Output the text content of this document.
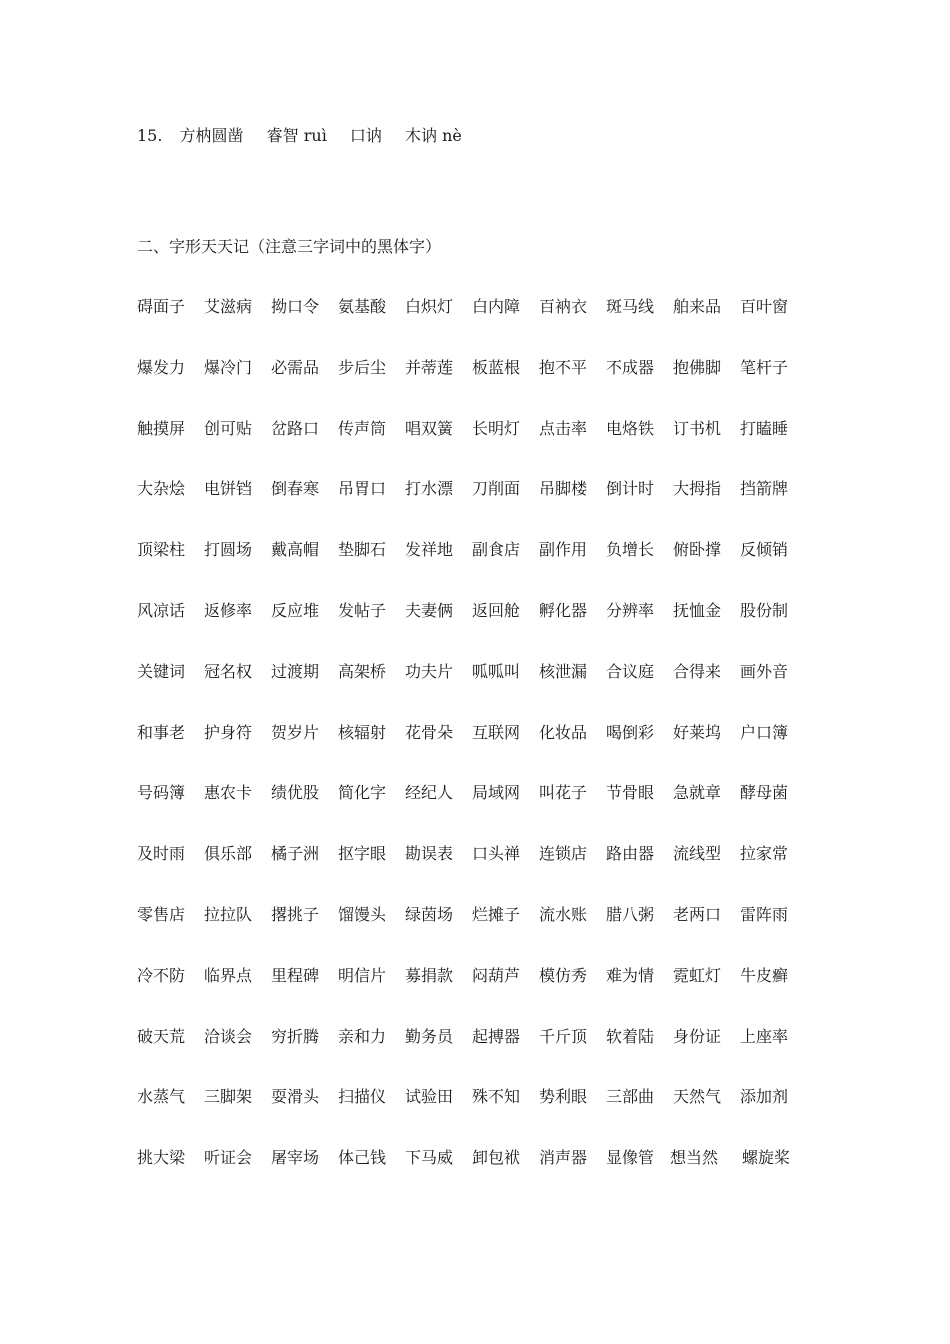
15. 方枘圆凿 睿智 ruì 口讷 木讷 nè
二、字形天天记（注意三字词中的黑体字）
碍面子 艾滋病 拗口令 氨基酸 白炽灯 白内障 百衲衣 斑马线 舶来品 百叶窗
爆发力 爆冷门 必需品 步后尘 并蒂莲 板蓝根 抱不平 不成器 抱佛脚 笔杆子
触摸屏 创可贴 岔路口 传声筒 唱双簧 长明灯 点击率 电烙铁 订书机 打瞌睡
大杂烩 电饼铛 倒春寒 吊胃口 打水漂 刀削面 吊脚楼 倒计时 大拇指 挡箭牌
顶梁柱 打圆场 戴高帽 垫脚石 发祥地 副食店 副作用 负增长 俯卧撑 反倾销
风凉话 返修率 反应堆 发帖子 夫妻俩 返回舱 孵化器 分辨率 抚恤金 股份制
关键词 冠名权 过渡期 高架桥 功夫片 呱呱叫 核泄漏 合议庭 合得来 画外音
和事老 护身符 贺岁片 核辐射 花骨朵 互联网 化妆品 喝倒彩 好莱坞 户口簿
号码簿 惠农卡 绩优股 简化字 经纪人 局域网 叫花子 节骨眼 急就章 酵母菌
及时雨 俱乐部 橘子洲 抠字眼 勘误表 口头禅 连锁店 路由器 流线型 拉家常
零售店 拉拉队 撂挑子 馏馒头 绿茵场 烂摊子 流水账 腊八粥 老两口 雷阵雨
冷不防 临界点 里程碑 明信片 募捐款 闷葫芦 模仿秀 难为情 霓虹灯 牛皮癣
破天荒 洽谈会 穷折腾 亲和力 勤务员 起搏器 千斤顶 软着陆 身份证 上座率
水蒸气 三脚架 耍滑头 扫描仪 试验田 殊不知 势利眼 三部曲 天然气 添加剂
挑大梁 听证会 屠宰场 体己钱 下马威 卸包袱 消声器 显像管 想当然 螺旋桨
